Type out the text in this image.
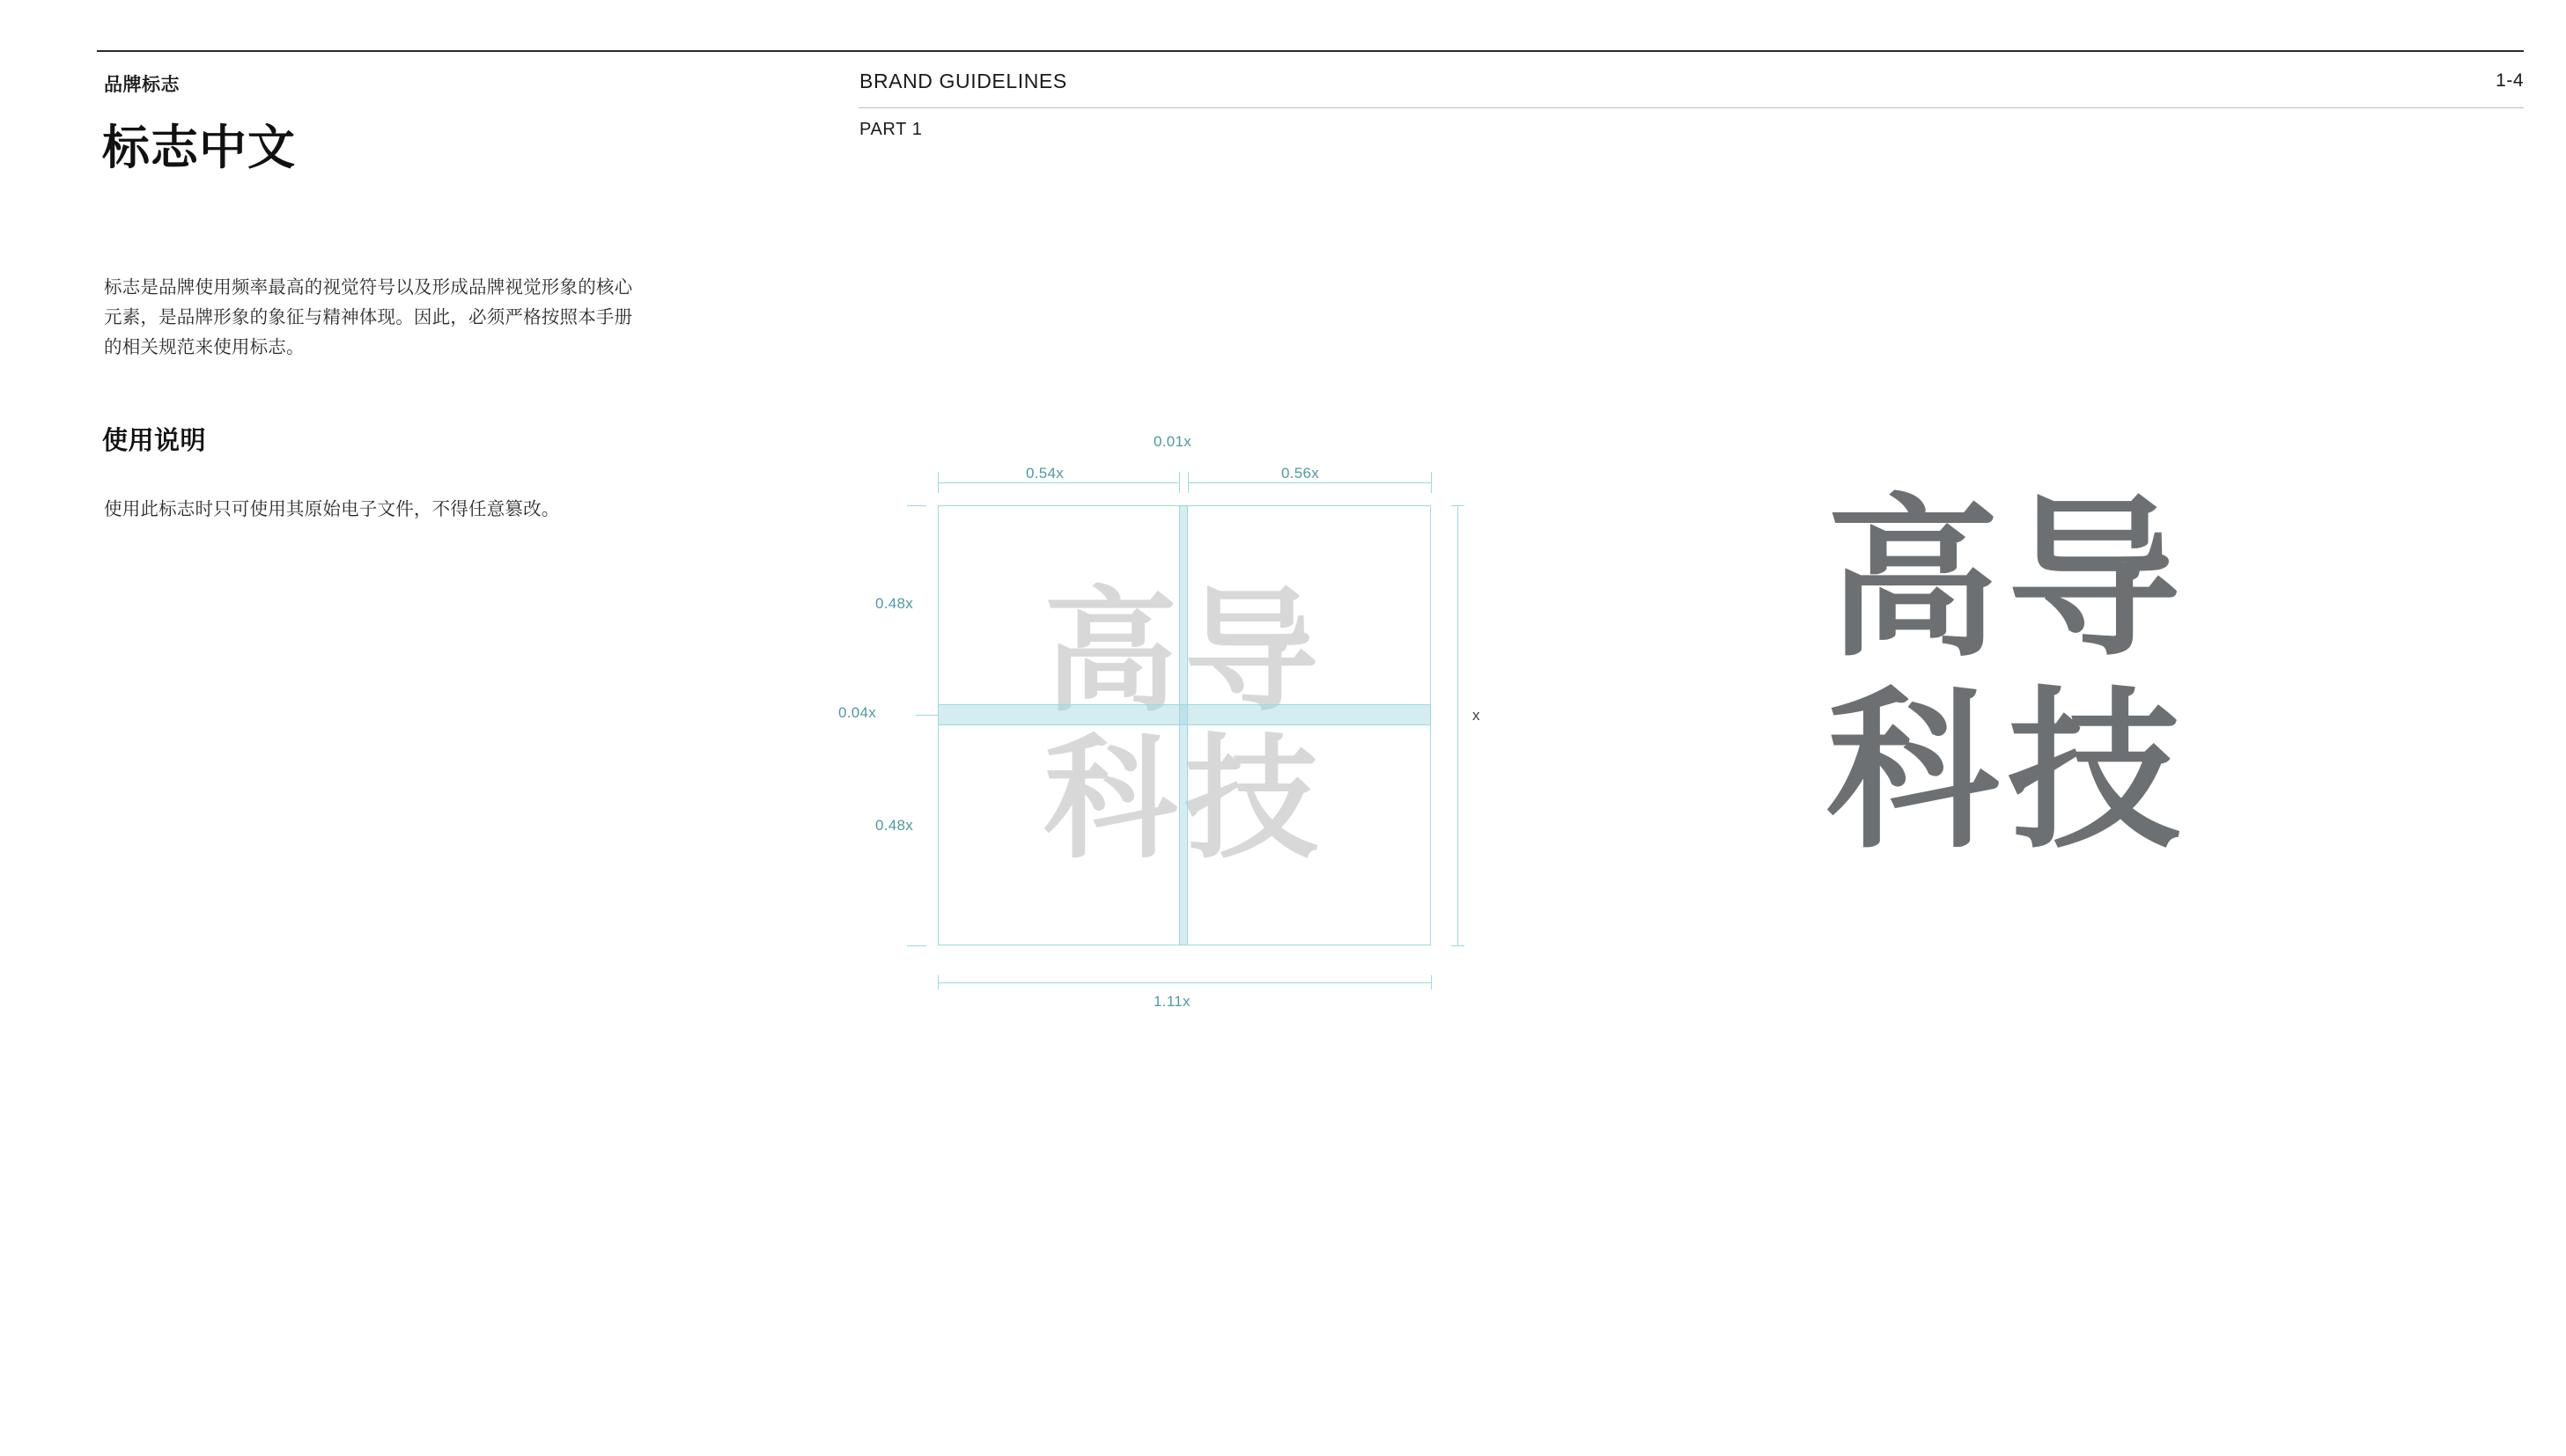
品牌标志
标志中文
标志是品牌使用频率最高的视觉符号以及形成品牌视觉形象的核心元素，是品牌形象的象征与精神体现。因此，必须严格按照本手册的相关规范来使用标志。
使用说明
使用此标志时只可使用其原始电子文件，不得任意篡改。
BRAND GUIDELINES
PART 1
1-4
高导
科技
0.54x	0.56x
0.01x
0.48x
0.04x
0.48x
x
1.11x
高导
科技
